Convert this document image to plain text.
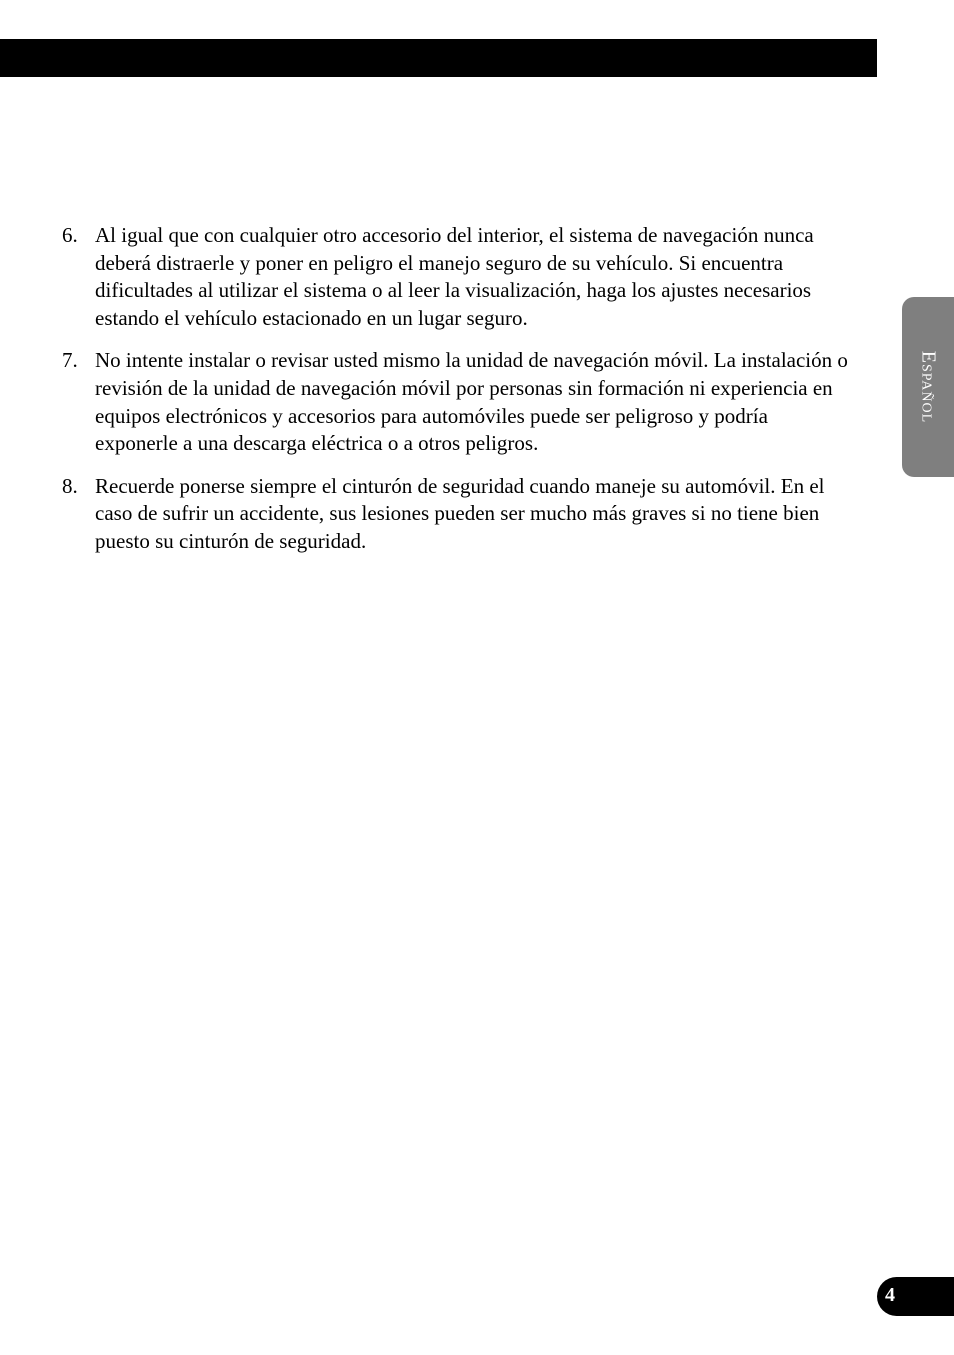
6. Al igual que con cualquier otro accesorio del interior, el sistema de navegación nunca deberá distraerle y poner en peligro el manejo seguro de su vehículo. Si encuentra dificultades al utilizar el sistema o al leer la visualización, haga los ajustes necesarios estando el vehículo estacionado en un lugar seguro.
7. No intente instalar o revisar usted mismo la unidad de navegación móvil. La instalación o revisión de la unidad de navegación móvil por personas sin formación ni experiencia en equipos electrónicos y accesorios para automóviles puede ser peligroso y podría exponerle a una descarga eléctrica o a otros peligros.
8. Recuerde ponerse siempre el cinturón de seguridad cuando maneje su automóvil. En el caso de sufrir un accidente, sus lesiones pueden ser mucho más graves si no tiene bien puesto su cinturón de seguridad.
Español
4
